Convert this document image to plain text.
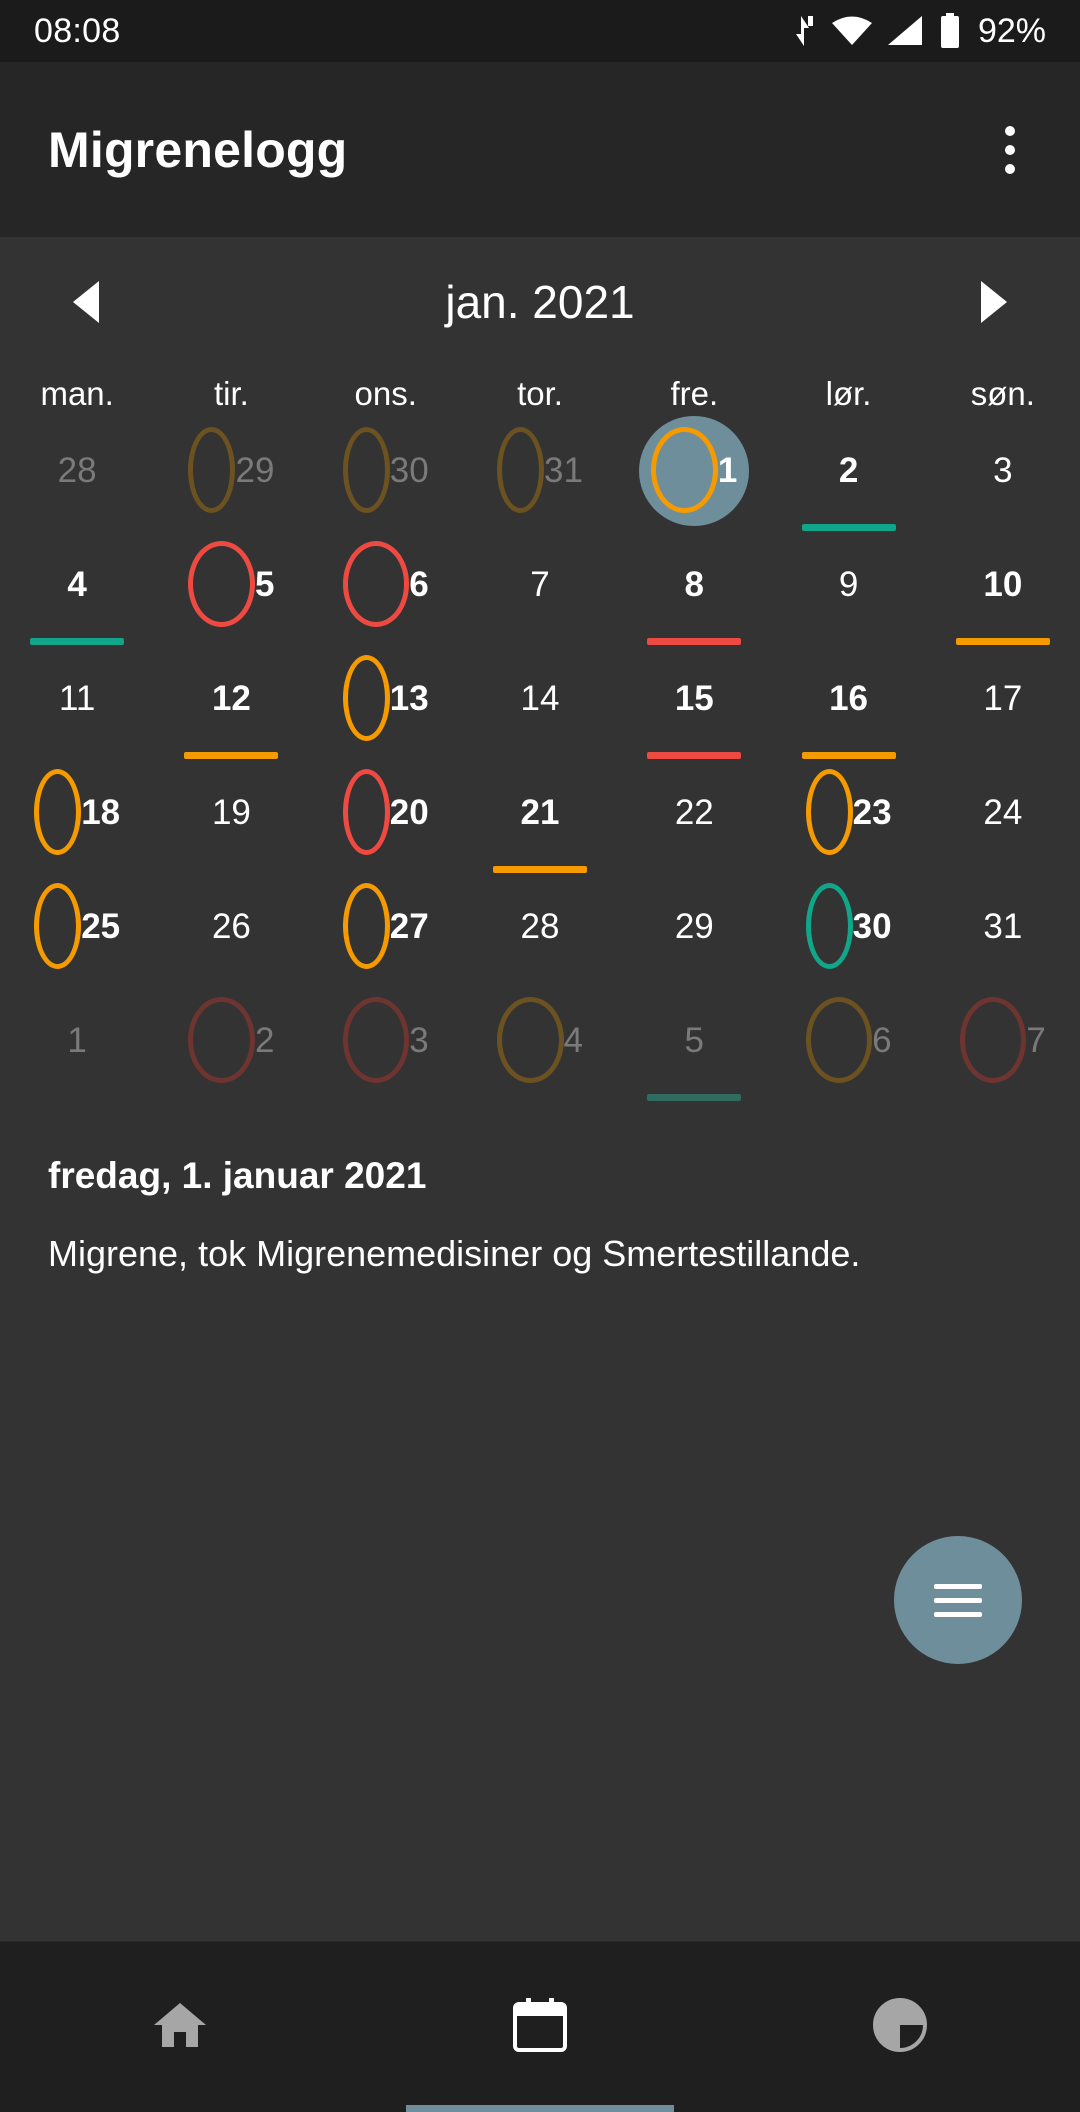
08:08	92%
Migrenelogg
jan. 2021
man.	tir.	ons.	tor.	fre.	lør.	søn.
28	29	30	31	1	2	3
4	5	6	7	8	9	10
11	12	13	14	15	16	17
18	19	20	21	22	23	24
25	26	27	28	29	30	31
1	2	3	4	5	6	7
fredag, 1. januar 2021
Migrene, tok Migrenemedisiner og Smertestillande.
